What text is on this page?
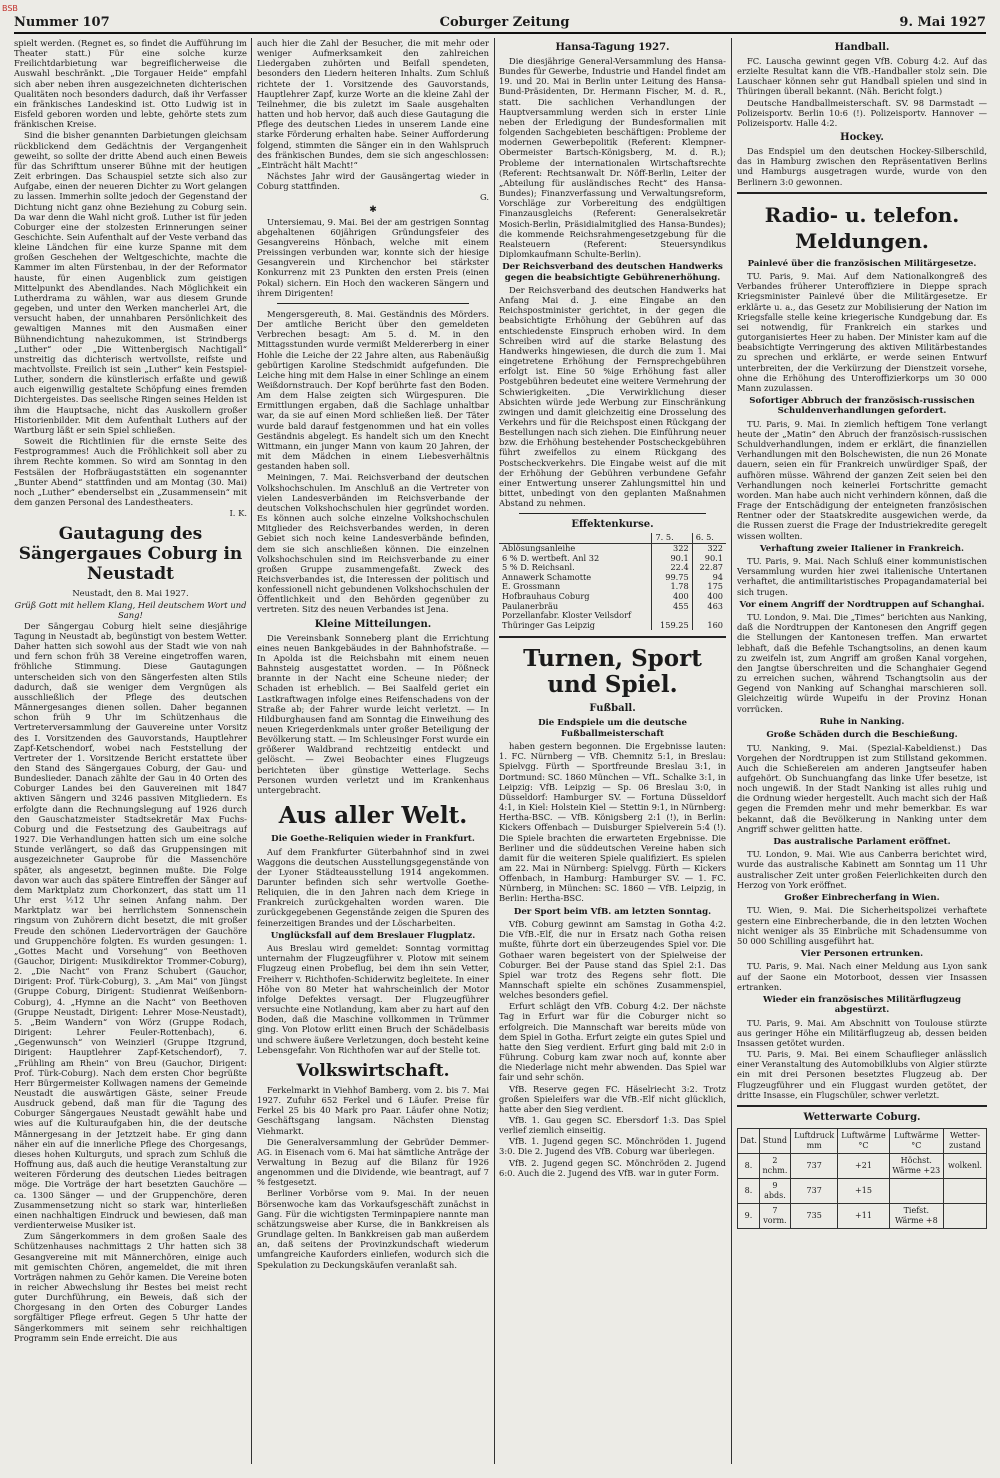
BSB
Nummer 107	Coburger Zeitung	9. Mai 1927

spielt werden. (Regnet es, so findet die Aufführung im Theater statt.) Für eine solche kurze Freilichtdarbietung war begreiflicherweise die Auswahl beschränkt. „Die Torgauer Heide“ empfahl sich aber neben ihren ausgezeichneten dichterischen Qualitäten noch besonders dadurch, daß ihr Verfasser ein fränkisches Landeskind ist. Otto Ludwig ist in Eisfeld geboren worden und lebte, gehörte stets zum fränkischen Kreise.

Sind die bisher genannten Darbietungen gleichsam rückblickend dem Gedächtnis der Vergangenheit geweiht, so sollte der dritte Abend auch einen Beweis für das Schrifttum unserer Bühne mit der heutigen Zeit erbringen. Das Schauspiel setzte sich also zur Aufgabe, einen der neueren Dichter zu Wort gelangen zu lassen. Immerhin sollte jedoch der Gegenstand der Dichtung nicht ganz ohne Beziehung zu Coburg sein. Da war denn die Wahl nicht groß. Luther ist für jeden Coburger eine der stolzesten Erinnerungen seiner Geschichte. Sein Aufenthalt auf der Veste verband das kleine Ländchen für eine kurze Spanne mit dem großen Geschehen der Weltgeschichte, machte die Kammer im alten Fürstenbau, in der der Reformator hauste, für einen Augenblick zum geistigen Mittelpunkt des Abendlandes. Nach Möglichkeit ein Lutherdrama zu wählen, war aus diesem Grunde gegeben, und unter den Werken mancherlei Art, die versucht haben, der unnahbaren Persönlichkeit des gewaltigen Mannes mit den Ausmaßen einer Bühnendichtung nahezukommen, ist Strindbergs „Luther“ oder „Die Wittenbergisch Nachtigall“ unstreitig das dichterisch wertvollste, reifste und machtvollste. Freilich ist sein „Luther“ kein Festspiel-Luther, sondern die künstlerisch erfaßte und gewiß auch eigenwillig gestaltete Schöpfung eines fremden Dichtergeistes. Das seelische Ringen seines Helden ist ihm die Hauptsache, nicht das Auskollern großer Historienbilder. Mit dem Aufenthalt Luthers auf der Wartburg läßt er sein Spiel schließen.

Soweit die Richtlinien für die ernste Seite des Festprogrammes! Auch die Fröhlichkeit soll aber zu ihrem Rechte kommen. So wird am Sonntag in den Festsälen der Hofbräugaststätten ein sogenannter „Bunter Abend“ stattfinden und am Montag (30. Mai) noch „Luther“ ebenderselbst ein „Zusammensein“ mit dem ganzen Personal des Landestheaters.

I. K.
Gautagung des Sängergaues Coburg in Neustadt

Neustadt, den 8. Mai 1927.

Grüß Gott mit hellem Klang, Heil deutschem Wort und Sang!

Der Sängergau Coburg hielt seine diesjährige Tagung in Neustadt ab, begünstigt von bestem Wetter. Daher hatten sich sowohl aus der Stadt wie von nah und fern schon früh 38 Vereine eingetroffen waren, fröhliche Stimmung. Diese Gautagungen unterscheiden sich von den Sängerfesten alten Stils dadurch, daß sie weniger dem Vergnügen als ausschließlich der Pflege des deutschen Männergesanges dienen sollen. Daher begannen schon früh 9 Uhr im Schützenhaus die Vertreterversammlung der Gauvereine unter Vorsitz des I. Vorsitzenden des Gauvorstands, Hauptlehrer Zapf-Ketschendorf, wobei nach Feststellung der Vertreter der 1. Vorsitzende Bericht erstattete über den Stand des Sängergaues Coburg, der Gau- und Bundeslieder. Danach zählte der Gau in 40 Orten des Coburger Landes bei den Gauvereinen mit 1847 aktiven Sängern und 3246 passiven Mitgliedern. Es erfolgte dann die Rechnungslegung auf 1926 durch den Gauschatzmeister Stadtsekretär Max Fuchs-Coburg und die Festsetzung des Gaubeitrags auf 1927. Die Verhandlungen hatten sich um eine solche Stunde verlängert, so daß das Gruppensingen mit ausgezeichneter Gauprobe für die Massenchöre später, als angesetzt, beginnen mußte. Die Folge davon war auch das spätere Eintreffen der Sänger auf dem Marktplatz zum Chorkonzert, das statt um 11 Uhr erst ½12 Uhr seinen Anfang nahm. Der Marktplatz war bei herrlichstem Sonnenschein ringsum von Zuhörern dicht besetzt, die mit großer Freude den schönen Liedervorträgen der Gauchöre und Gruppenchöre folgten. Es wurden gesungen: 1. „Gottes Macht und Vorsehung“ von Beethoven (Gauchor, Dirigent: Musikdirektor Trommer-Coburg), 2. „Die Nacht“ von Franz Schubert (Gauchor, Dirigent: Prof. Türk-Coburg), 3. „Am Mai“ von Jüngst (Gruppe Coburg, Dirigent: Studienrat Weißenborn-Coburg), 4. „Hymne an die Nacht“ von Beethoven (Gruppe Neustadt, Dirigent: Lehrer Mose-Neustadt), 5. „Beim Wandern“ von Wörz (Gruppe Rodach, Dirigent: Lehrer Feuler-Rottenbach), 6. „Gegenwunsch“ von Weinzierl (Gruppe Itzgrund, Dirigent: Hauptlehrer Zapf-Ketschendorf), 7. „Frühling am Rhein“ von Breu (Gauchor, Dirigent: Prof. Türk-Coburg). Nach dem ersten Chor begrüßte Herr Bürgermeister Kollwagen namens der Gemeinde Neustadt die auswärtigen Gäste, seiner Freude Ausdruck gebend, daß man für die Tagung des Coburger Sängergaues Neustadt gewählt habe und wies auf die Kulturaufgaben hin, die der deutsche Männergesang in der Jetztzeit habe. Er ging dann näher ein auf die innerliche Pflege des Chorgesangs, dieses hohen Kulturguts, und sprach zum Schluß die Hoffnung aus, daß auch die heutige Veranstaltung zur weiteren Förderung des deutschen Liedes beitragen möge. Die Vorträge der hart besetzten Gauchöre — ca. 1300 Sänger — und der Gruppenchöre, deren Zusammensetzung nicht so stark war, hinterließen einen nachhaltigen Eindruck und bewiesen, daß man verdienterweise Musiker ist.

Zum Sängerkommers in dem großen Saale des Schützenhauses nachmittags 2 Uhr hatten sich 38 Gesangvereine mit mit Männerchören, einige auch mit gemischten Chören, angemeldet, die mit ihren Vorträgen nahmen zu Gehör kamen. Die Vereine boten in reicher Abwechslung ihr Bestes bei meist recht guter Durchführung, ein Beweis, daß sich der Chorgesang in den Orten des Coburger Landes sorgfältiger Pflege erfreut. Gegen 5 Uhr hatte der Sängerkommers mit seinem sehr reichhaltigen Programm sein Ende erreicht. Die aus

auch hier die Zahl der Besucher, die mit mehr oder weniger Aufmerksamkeit den zahlreichen Liedergaben zuhörten und Beifall spendeten, besonders den Liedern heiteren Inhalts. Zum Schluß richtete der 1. Vorsitzende des Gauvorstands, Hauptlehrer Zapf, kurze Worte an die kleine Zahl der Teilnehmer, die bis zuletzt im Saale ausgehalten hatten und hob hervor, daß auch diese Gautagung die Pflege des deutschen Liedes in unserem Lande eine starke Förderung erhalten habe. Seiner Aufforderung folgend, stimmten die Sänger ein in den Wahlspruch des fränkischen Bundes, dem sie sich angeschlossen: „Einträcht hält Macht!“

Nächstes Jahr wird der Gausängertag wieder in Coburg stattfinden.

G.
✱

Untersiemau, 9. Mai. Bei der am gestrigen Sonntag abgehaltenen 60jährigen Gründungsfeier des Gesangvereins Hönbach, welche mit einem Preissingen verbunden war, konnte sich der hiesige Gesangverein und Kirchenchor bei stärkster Konkurrenz mit 23 Punkten den ersten Preis (einen Pokal) sichern. Ein Hoch den wackeren Sängern und ihrem Dirigenten!

Mengersgereuth, 8. Mai. Geständnis des Mörders. Der amtliche Bericht über den gemeldeten Verbrechen besagt: Am 5. d. M. in den Mittagsstunden wurde vermißt Meldererberg in einer Hohle die Leiche der 22 Jahre alten, aus Rabenäußig gebürtigen Karoline Stedschmidt aufgefunden. Die Leiche hing mit dem Halse in einer Schlinge an einem Weißdornstrauch. Der Kopf berührte fast den Boden. Am dem Halse zeigten sich Würgespuren. Die Ermittlungen ergaben, daß die Sachlage unhaltbar war, da sie auf einen Mord schließen ließ. Der Täter wurde bald darauf festgenommen und hat ein volles Geständnis abgelegt. Es handelt sich um den Knecht Wittmann, ein junger Mann von kaum 20 Jahren, der mit dem Mädchen in einem Liebesverhältnis gestanden haben soll.

Meiningen, 7. Mai. Reichsverband der deutschen Volkshochschulen. Im Anschluß an die Vertreter von vielen Landesverbänden im Reichsverbande der deutschen Volkshochschulen hier gegründet worden. Es können auch solche einzelne Volkshochschulen Mitglieder des Reichsverbandes werden, in deren Gebiet sich noch keine Landesverbände befinden, dem sie sich anschließen können. Die einzelnen Volkshochschulen sind im Reichsverbande zu einer großen Gruppe zusammengefaßt. Zweck des Reichsverbandes ist, die Interessen der politisch und konfessionell nicht gebundenen Volkshochschulen der Öffentlichkeit und den Behörden gegenüber zu vertreten. Sitz des neuen Verbandes ist Jena.

Kleine Mitteilungen.

Die Vereinsbank Sonneberg plant die Errichtung eines neuen Bankgebäudes in der Bahnhofstraße. — In Apolda ist die Reichsbahn mit einem neuen Bahnsteig ausgestattet worden. — In Pößneck brannte in der Nacht eine Scheune nieder; der Schaden ist erheblich. — Bei Saalfeld geriet ein Lastkraftwagen infolge eines Reifenschadens von der Straße ab; der Fahrer wurde leicht verletzt. — In Hildburghausen fand am Sonntag die Einweihung des neuen Kriegerdenkmals unter großer Beteiligung der Bevölkerung statt. — Im Schleusinger Forst wurde ein größerer Waldbrand rechtzeitig entdeckt und gelöscht. — Zwei Beobachter eines Flugzeugs berichteten über günstige Wetterlage. Sechs Personen wurden verletzt und im Krankenhaus untergebracht.

Aus aller Welt.
Die Goethe-Reliquien wieder in Frankfurt.

Auf dem Frankfurter Güterbahnhof sind in zwei Waggons die deutschen Ausstellungsgegenstände von der Lyoner Städteausstellung 1914 angekommen. Darunter befinden sich sehr wertvolle Goethe-Reliquien, die in den Jahren nach dem Kriege in Frankreich zurückgehalten worden waren. Die zurückgegebenen Gegenstände zeigen die Spuren des feinerzeitigen Brandes und der Löscharbeiten.

Unglücksfall auf dem Breslauer Flugplatz.

Aus Breslau wird gemeldet: Sonntag vormittag unternahm der Flugzeugführer v. Plotow mit seinem Flugzeug einen Probeflug, bei dem ihn sein Vetter, Freiherr v. Richthofen-Schiderwitz begleitete. In einer Höhe von 80 Meter hat wahrscheinlich der Motor infolge Defektes versagt. Der Flugzeugführer versuchte eine Notlandung, kam aber zu hart auf den Boden, daß die Maschine vollkommen in Trümmer ging. Von Plotow erlitt einen Bruch der Schädelbasis und schwere äußere Verletzungen, doch besteht keine Lebensgefahr. Von Richthofen war auf der Stelle tot.

Volkswirtschaft.

Ferkelmarkt in Viehhof Bamberg. vom 2. bis 7. Mai 1927. Zufuhr 652 Ferkel und 6 Läufer. Preise für Ferkel 25 bis 40 Mark pro Paar. Läufer ohne Notiz; Geschäftsgang langsam. Nächsten Dienstag Viehmarkt.

Die Generalversammlung der Gebrüder Demmer-AG. in Eisenach vom 6. Mai hat sämtliche Anträge der Verwaltung in Bezug auf die Bilanz für 1926 angenommen und die Dividende, wie beantragt, auf 7 % festgesetzt.

Berliner Vorbörse vom 9. Mai. In der neuen Börsenwoche kam das Vorkaufsgeschäft zunächst in Gang. Für die wichtigsten Terminpapiere nannte man schätzungsweise aber Kurse, die in Bankkreisen als Grundlage gelten. In Bankkreisen gab man außerdem an, daß seitens der Provinzkundschaft wiederum umfangreiche Kauforders einliefen, wodurch sich die Spekulation zu Deckungskäufen veranlaßt sah.

Hansa-Tagung 1927.

Die diesjährige General-Versammlung des Hansa-Bundes für Gewerbe, Industrie und Handel findet am 19. und 20. Mai in Berlin unter Leitung des Hansa-Bund-Präsidenten, Dr. Hermann Fischer, M. d. R., statt. Die sachlichen Verhandlungen der Hauptversammlung werden sich in erster Linie neben der Erledigung der Bundesformalien mit folgenden Sachgebieten beschäftigen: Probleme der modernen Gewerbepolitik (Referent: Klempner-Obermeister Bartsch-Königsberg, M. d. R.); Probleme der internationalen Wirtschaftsrechte (Referent: Rechtsanwalt Dr. Nöff-Berlin, Leiter der „Abteilung für ausländisches Recht“ des Hansa-Bundes); Finanzverfassung und Verwaltungsreform, Vorschläge zur Vorbereitung des endgültigen Finanzausgleichs (Referent: Generalsekretär Mosich-Berlin, Präsidialmitglied des Hansa-Bundes); die kommende Reichsrahmengesetzgebung für die Realsteuern (Referent: Steuersyndikus Diplomkaufmann Schulte-Berlin).

Der Reichsverband des deutschen Handwerks gegen die beabsichtigte Gebührenerhöhung.

Der Reichsverband des deutschen Handwerks hat Anfang Mai d. J. eine Eingabe an den Reichspostminister gerichtet, in der gegen die beabsichtigte Erhöhung der Gebühren auf das entschiedenste Einspruch erhoben wird. In dem Schreiben wird auf die starke Belastung des Handwerks hingewiesen, die durch die zum 1. Mai eingetretene Erhöhung der Fernsprechgebühren erfolgt ist. Eine 50 %ige Erhöhung fast aller Postgebühren bedeutet eine weitere Vermehrung der Schwierigkeiten. „Die Verwirklichung dieser Absichten würde jede Werbung zur Einschränkung zwingen und damit gleichzeitig eine Drosselung des Verkehrs und für die Reichspost einen Rückgang der Bestellungen nach sich ziehen. Die Einführung neuer bzw. die Erhöhung bestehender Postscheckgebühren führt zweifellos zu einem Rückgang des Postscheckverkehrs. Die Eingabe weist auf die mit der Erhöhung der Gebühren verbundene Gefahr einer Entwertung unserer Zahlungsmittel hin und bittet, unbedingt von den geplanten Maßnahmen Abstand zu nehmen.

Effektenkurse.
	7. 5.	6. 5.
Ablösungsanleihe	322	322
6 % D. wertbeft. Anl 32	90.1	90.1
5 % D. Reichsanl.	22.4	22.87
Annawerk Schamotte	99.75	94
E. Grossmann	1.78	175
Hofbrauhaus Coburg	400	400
Paulanerbräu	455	463
Porzellanfabr. Kloster Veilsdorf		
Thüringer Gas Leipzig	159.25	160
Turnen, Sport und Spiel.
Fußball.
Die Endspiele um die deutsche Fußballmeisterschaft

haben gestern begonnen. Die Ergebnisse lauten: 1. FC. Nürnberg — VfB. Chemnitz 5:1, in Breslau: Spielvgg. Fürth — Sportfreunde Breslau 3:1, in Dortmund: SC. 1860 München — VfL. Schalke 3:1, in Leipzig: VfB. Leipzig — Sp. 06 Breslau 3:0, in Düsseldorf: Hamburger SV. — Fortuna Düsseldorf 4:1, in Kiel: Holstein Kiel — Stettin 9:1, in Nürnberg: Hertha-BSC. — VfB. Königsberg 2:1 (!), in Berlin: Kickers Offenbach — Duisburger Spielverein 5:4 (!). Die Spiele brachten die erwarteten Ergebnisse. Die Berliner und die süddeutschen Vereine haben sich damit für die weiteren Spiele qualifiziert. Es spielen am 22. Mai in Nürnberg: Spielvgg. Fürth — Kickers Offenbach, in Hamburg: Hamburger SV. — 1. FC. Nürnberg, in München: SC. 1860 — VfB. Leipzig, in Berlin: Hertha-BSC.

Der Sport beim VfB. am letzten Sonntag.

VfB. Coburg gewinnt am Samstag in Gotha 4:2. Die VfB.-Elf, die nur in Ersatz nach Gotha reisen mußte, führte dort ein überzeugendes Spiel vor. Die Gothaer waren begeistert von der Spielweise der Coburger. Bei der Pause stand das Spiel 2:1. Das Spiel war trotz des Regens sehr flott. Die Mannschaft spielte ein schönes Zusammenspiel, welches besonders gefiel.

Erfurt schlägt den VfB. Coburg 4:2. Der nächste Tag in Erfurt war für die Coburger nicht so erfolgreich. Die Mannschaft war bereits müde von dem Spiel in Gotha. Erfurt zeigte ein gutes Spiel und hatte den Sieg verdient. Erfurt ging bald mit 2:0 in Führung. Coburg kam zwar noch auf, konnte aber die Niederlage nicht mehr abwenden. Das Spiel war fair und sehr schön.

VfB. Reserve gegen FC. Häselriecht 3:2. Trotz großen Spieleifers war die VfB.-Elf nicht glücklich, hatte aber den Sieg verdient.

VfB. 1. Gau gegen SC. Ebersdorf 1:3. Das Spiel verlief ziemlich einseitig.

VfB. 1. Jugend gegen SC. Mönchröden 1. Jugend 3:0. Die 2. Jugend des VfB. Coburg war überlegen.

VfB. 2. Jugend gegen SC. Mönchröden 2. Jugend 6:0. Auch die 2. Jugend des VfB. war in guter Form.

Handball.

FC. Lauscha gewinnt gegen VfB. Coburg 4:2. Auf das erzielte Resultat kann die VfB.-Handballer stolz sein. Die Lauschaer können sehr gut Handball spielen und sind in Thüringen überall bekannt. (Näh. Bericht folgt.)

Deutsche Handballmeisterschaft. SV. 98 Darmstadt — Polizeisportv. Berlin 10:6 (!). Polizeisportv. Hannover — Polizeisportv. Halle 4:2.

Hockey.

Das Endspiel um den deutschen Hockey-Silberschild, das in Hamburg zwischen den Repräsentativen Berlins und Hamburgs ausgetragen wurde, wurde von den Berlinern 3:0 gewonnen.

Radio- u. telefon. Meldungen.
Painlevé über die französischen Militärgesetze.

TU. Paris, 9. Mai. Auf dem Nationalkongreß des Verbandes früherer Unteroffiziere in Dieppe sprach Kriegsminister Painlevé über die Militärgesetze. Er erklärte u. a., das Gesetz zur Mobilisierung der Nation im Kriegsfalle stelle keine kriegerische Kundgebung dar. Es sei notwendig, für Frankreich ein starkes und gutorganisiertes Heer zu haben. Der Minister kam auf die beabsichtigte Verringerung des aktiven Militärbestandes zu sprechen und erklärte, er werde seinen Entwurf unterbreiten, der die Verkürzung der Dienstzeit vorsehe, ohne die Erhöhung des Unteroffizierkorps um 30 000 Mann zuzulassen.

Sofortiger Abbruch der französisch-russischen Schuldenverhandlungen gefordert.

TU. Paris, 9. Mai. In ziemlich heftigem Tone verlangt heute der „Matin“ den Abruch der französisch-russischen Schuldverhandlungen, indem er erklärt, die finanziellen Verhandlungen mit den Bolschewisten, die nun 26 Monate dauern, seien ein für Frankreich unwürdiger Spaß, der aufhören müsse. Während der ganzen Zeit seien bei den Verhandlungen noch keinerlei Fortschritte gemacht worden. Man habe auch nicht verhindern können, daß die Frage der Entschädigung der enteigneten französischen Rentner oder der Staatskredite ausgewichen werde, da die Russen zuerst die Frage der Industriekredite geregelt wissen wollten.

Verhaftung zweier Italiener in Frankreich.

TU. Paris, 9. Mai. Nach Schluß einer kommunistischen Versammlung wurden hier zwei italienische Untertanen verhaftet, die antimilitaristisches Propagandamaterial bei sich trugen.

Vor einem Angriff der Nordtruppen auf Schanghai.

TU. London, 9. Mai. Die „Times“ berichten aus Nanking, daß die Nordtruppen der Kantonesen den Angriff gegen die Stellungen der Kantonesen treffen. Man erwartet lebhaft, daß die Befehle Tschangtsolins, an denen kaum zu zweifeln ist, zum Angriff am großen Kanal vorgehen, den Jangtse überschreiten und die Schanghaier Gegend zu erreichen suchen, während Tschangtsolin aus der Gegend von Nanking auf Schanghai marschieren soll. Gleichzeitig würde Wupeifu in der Provinz Honan vorrücken.

Ruhe in Nanking.
Große Schäden durch die Beschießung.

TU. Nanking, 9. Mai. (Spezial-Kabeldienst.) Das Vorgehen der Nordtruppen ist zum Stillstand gekommen. Auch die Schießereien am anderen Jangtseufer haben aufgehört. Ob Sunchuangfang das linke Ufer besetze, ist noch ungewiß. In der Stadt Nanking ist alles ruhig und die Ordnung wieder hergestellt. Auch macht sich der Haß gegen die Fremden mehr und mehr bemerkbar. Es war bekannt, daß die Bevölkerung in Nanking unter dem Angriff schwer gelitten hatte.

Das australische Parlament eröffnet.

TU. London, 9. Mai. Wie aus Canberra berichtet wird, wurde das australische Kabinett am Sonntag um 11 Uhr australischer Zeit unter großen Feierlichkeiten durch den Herzog von York eröffnet.

Großer Einbrecherfang in Wien.

TU. Wien, 9. Mai. Die Sicherheitspolizei verhaftete gestern eine Einbrecherbande, die in den letzten Wochen nicht weniger als 35 Einbrüche mit Schadensumme von 50 000 Schilling ausgeführt hat.

Vier Personen ertrunken.

TU. Paris, 9. Mai. Nach einer Meldung aus Lyon sank auf der Saone ein Motorboot, dessen vier Insassen ertranken.

Wieder ein französisches Militärflugzeug abgestürzt.

TU. Paris, 9. Mai. Am Abschnitt von Toulouse stürzte aus geringer Höhe ein Militärflugzeug ab, dessen beiden Insassen getötet wurden.

TU. Paris, 9. Mai. Bei einem Schauflieger anlässlich einer Veranstaltung des Automobilklubs von Algier stürzte ein mit drei Personen besetztes Flugzeug ab. Der Flugzeugführer und ein Fluggast wurden getötet, der dritte Insasse, ein Flugschüler, schwer verletzt.

Wetterwarte Coburg.
Dat.	Stund	Luftdruck mm	Luftwärme °C	Luftwärme °C	Wetter-zustand
8.	2 nchm.	737	+21	Höchst. Wärme +23	wolkenl.
8.	9 abds.	737	+15		
9.	7 vorm.	735	+11	Tiefst. Wärme +8	
